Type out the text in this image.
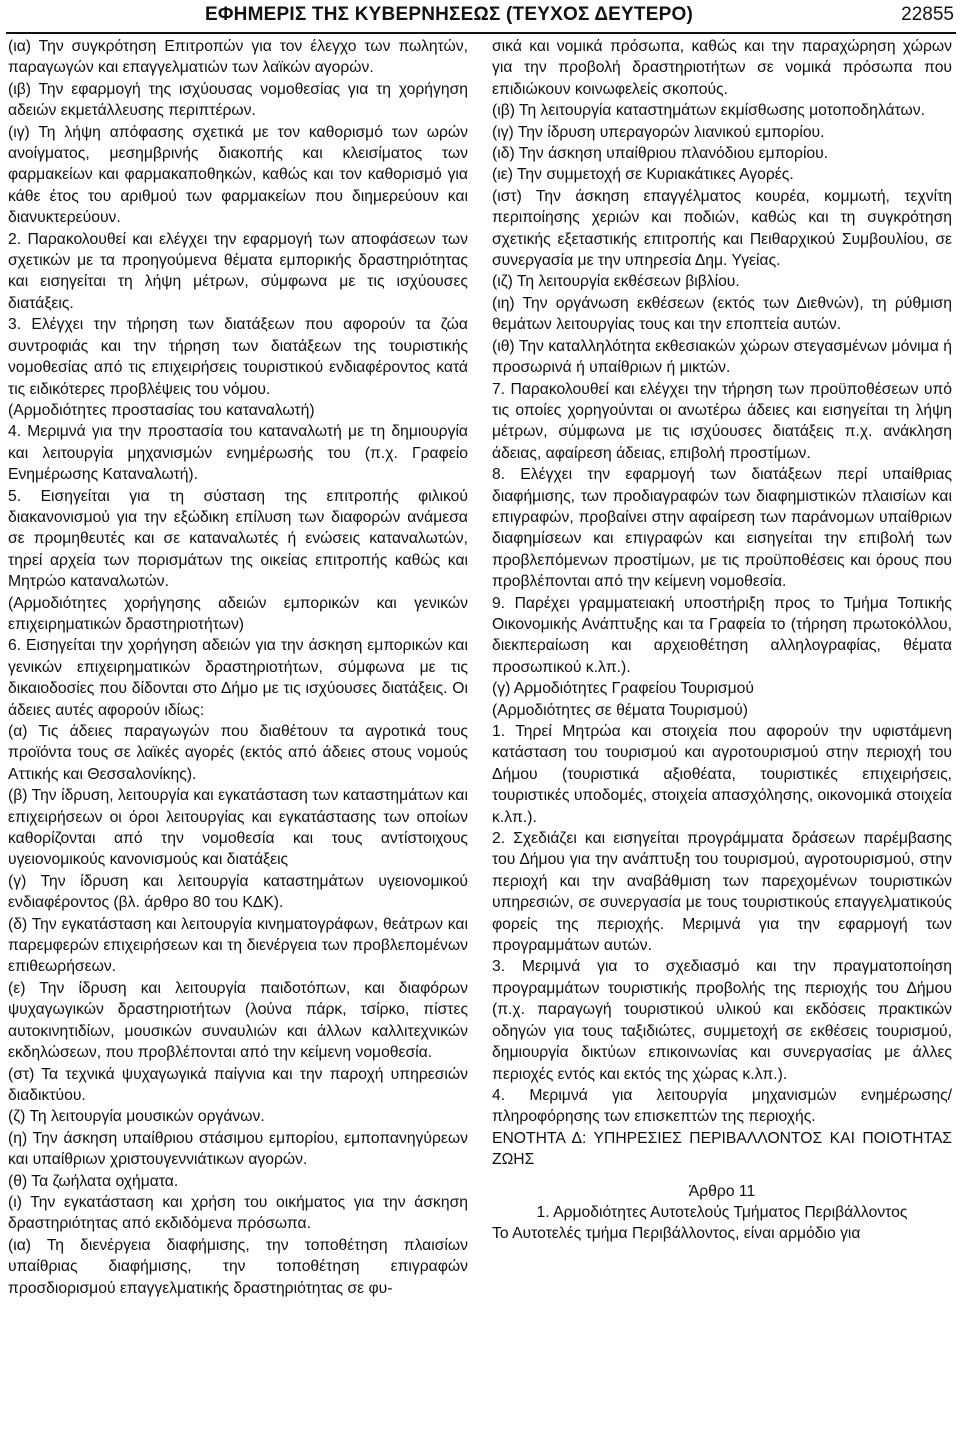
ΕΦΗΜΕΡΙΣ ΤΗΣ ΚΥΒΕΡΝΗΣΕΩΣ (ΤΕΥΧΟΣ ΔΕΥΤΕΡΟ)	22855

(ια) Την συγκρότηση Επιτροπών για τον έλεγχο των πωλητών, παραγωγών και επαγγελματιών των λαϊκών αγορών.

(ιβ) Την εφαρμογή της ισχύουσας νομοθεσίας για τη χορήγηση αδειών εκμετάλλευσης περιπτέρων.

(ιγ) Τη λήψη απόφασης σχετικά με τον καθορισμό των ωρών ανοίγματος, μεσημβρινής διακοπής και κλεισίματος των φαρμακείων και φαρμακαποθηκών, καθώς και τον καθορισμό για κάθε έτος του αριθμού των φαρμακείων που διημερεύουν και διανυκτερεύουν.

2. Παρακολουθεί και ελέγχει την εφαρμογή των αποφάσεων των σχετικών με τα προηγούμενα θέματα εμπορικής δραστηριότητας και εισηγείται τη λήψη μέτρων, σύμφωνα με τις ισχύουσες διατάξεις.

3. Ελέγχει την τήρηση των διατάξεων που αφορούν τα ζώα συντροφιάς και την τήρηση των διατάξεων της τουριστικής νομοθεσίας από τις επιχειρήσεις τουριστικού ενδιαφέροντος κατά τις ειδικότερες προβλέψεις του νόμου.

(Αρμοδιότητες προστασίας του καταναλωτή)

4. Μεριμνά για την προστασία του καταναλωτή με τη δημιουργία και λειτουργία μηχανισμών ενημέρωσής του (π.χ. Γραφείο Ενημέρωσης Καταναλωτή).

5. Εισηγείται για τη σύσταση της επιτροπής φιλικού διακανονισμού για την εξώδικη επίλυση των διαφορών ανάμεσα σε προμηθευτές και σε καταναλωτές ή ενώσεις καταναλωτών, τηρεί αρχεία των πορισμάτων της οικείας επιτροπής καθώς και Μητρώο καταναλωτών.

(Αρμοδιότητες χορήγησης αδειών εμπορικών και γενικών επιχειρηματικών δραστηριοτήτων)

6. Εισηγείται την χορήγηση αδειών για την άσκηση εμπορικών και γενικών επιχειρηματικών δραστηριοτήτων, σύμφωνα με τις δικαιοδοσίες που δίδονται στο Δήμο με τις ισχύουσες διατάξεις. Οι άδειες αυτές αφορούν ιδίως:

(α) Τις άδειες παραγωγών που διαθέτουν τα αγροτικά τους προϊόντα τους σε λαϊκές αγορές (εκτός από άδειες στους νομούς Αττικής και Θεσσαλονίκης).

(β) Την ίδρυση, λειτουργία και εγκατάσταση των καταστημάτων και επιχειρήσεων οι όροι λειτουργίας και εγκατάστασης των οποίων καθορίζονται από την νομοθεσία και τους αντίστοιχους υγειονομικούς κανονισμούς και διατάξεις

(γ) Την ίδρυση και λειτουργία καταστημάτων υγειονομικού ενδιαφέροντος (βλ. άρθρο 80 του ΚΔΚ).

(δ) Την εγκατάσταση και λειτουργία κινηματογράφων, θεάτρων και παρεμφερών επιχειρήσεων και τη διενέργεια των προβλεπομένων επιθεωρήσεων.

(ε) Την ίδρυση και λειτουργία παιδοτόπων, και διαφόρων ψυχαγωγικών δραστηριοτήτων (λούνα πάρκ, τσίρκο, πίστες αυτοκινητιδίων, μουσικών συναυλιών και άλλων καλλιτεχνικών εκδηλώσεων, που προβλέπονται από την κείμενη νομοθεσία.

(στ) Τα τεχνικά ψυχαγωγικά παίγνια και την παροχή υπηρεσιών διαδικτύου.

(ζ) Τη λειτουργία μουσικών οργάνων.

(η) Την άσκηση υπαίθριου στάσιμου εμπορίου, εμποπανηγύρεων και υπαίθριων χριστουγεννιάτικων αγορών.

(θ) Τα ζωήλατα οχήματα.

(ι) Την εγκατάσταση και χρήση του οικήματος για την άσκηση δραστηριότητας από εκδιδόμενα πρόσωπα.

(ια) Τη διενέργεια διαφήμισης, την τοποθέτηση πλαισίων υπαίθριας διαφήμισης, την τοποθέτηση επιγραφών προσδιορισμού επαγγελματικής δραστηριότητας σε φυ-

σικά και νομικά πρόσωπα, καθώς και την παραχώρηση χώρων για την προβολή δραστηριοτήτων σε νομικά πρόσωπα που επιδιώκουν κοινωφελείς σκοπούς.

(ιβ) Τη λειτουργία καταστημάτων εκμίσθωσης μοτοποδηλάτων.

(ιγ) Την ίδρυση υπεραγορών λιανικού εμπορίου.

(ιδ) Την άσκηση υπαίθριου πλανόδιου εμπορίου.

(ιε) Την συμμετοχή σε Κυριακάτικες Αγορές.

(ιστ) Την άσκηση επαγγέλματος κουρέα, κομμωτή, τεχνίτη περιποίησης χεριών και ποδιών, καθώς και τη συγκρότηση σχετικής εξεταστικής επιτροπής και Πειθαρχικού Συμβουλίου, σε συνεργασία με την υπηρεσία Δημ. Υγείας.

(ιζ) Τη λειτουργία εκθέσεων βιβλίου.

(ιη) Την οργάνωση εκθέσεων (εκτός των Διεθνών), τη ρύθμιση θεμάτων λειτουργίας τους και την εποπτεία αυτών.

(ιθ) Την καταλληλότητα εκθεσιακών χώρων στεγασμένων μόνιμα ή προσωρινά ή υπαίθριων ή μικτών.

7. Παρακολουθεί και ελέγχει την τήρηση των προϋποθέσεων υπό τις οποίες χορηγούνται οι ανωτέρω άδειες και εισηγείται τη λήψη μέτρων, σύμφωνα με τις ισχύουσες διατάξεις π.χ. ανάκληση άδειας, αφαίρεση άδειας, επιβολή προστίμων.

8. Ελέγχει την εφαρμογή των διατάξεων περί υπαίθριας διαφήμισης, των προδιαγραφών των διαφημιστικών πλαισίων και επιγραφών, προβαίνει στην αφαίρεση των παράνομων υπαίθριων διαφημίσεων και επιγραφών και εισηγείται την επιβολή των προβλεπόμενων προστίμων, με τις προϋποθέσεις και όρους που προβλέπονται από την κείμενη νομοθεσία.

9. Παρέχει γραμματειακή υποστήριξη προς το Τμήμα Τοπικής Οικονομικής Ανάπτυξης και τα Γραφεία το (τήρηση πρωτοκόλλου, διεκπεραίωση και αρχειοθέτηση αλληλογραφίας, θέματα προσωπικού κ.λπ.).

(γ) Αρμοδιότητες Γραφείου Τουρισμού

(Αρμοδιότητες σε θέματα Τουρισμού)

1. Τηρεί Μητρώα και στοιχεία που αφορούν την υφιστάμενη κατάσταση του τουρισμού και αγροτουρισμού στην περιοχή του Δήμου (τουριστικά αξιοθέατα, τουριστικές επιχειρήσεις, τουριστικές υποδομές, στοιχεία απασχόλησης, οικονομικά στοιχεία κ.λπ.).

2. Σχεδιάζει και εισηγείται προγράμματα δράσεων παρέμβασης του Δήμου για την ανάπτυξη του τουρισμού, αγροτουρισμού, στην περιοχή και την αναβάθμιση των παρεχομένων τουριστικών υπηρεσιών, σε συνεργασία με τους τουριστικούς επαγγελματικούς φορείς της περιοχής. Μεριμνά για την εφαρμογή των προγραμμάτων αυτών.

3. Μεριμνά για το σχεδιασμό και την πραγματοποίηση προγραμμάτων τουριστικής προβολής της περιοχής του Δήμου (π.χ. παραγωγή τουριστικού υλικού και εκδόσεις πρακτικών οδηγών για τους ταξιδιώτες, συμμετοχή σε εκθέσεις τουρισμού, δημιουργία δικτύων επικοινωνίας και συνεργασίας με άλλες περιοχές εντός και εκτός της χώρας κ.λπ.).

4. Μεριμνά για λειτουργία μηχανισμών ενημέρωσης/πληροφόρησης των επισκεπτών της περιοχής.

ΕΝΟΤΗΤΑ Δ: ΥΠΗΡΕΣΙΕΣ ΠΕΡΙΒΑΛΛΟΝΤΟΣ ΚΑΙ ΠΟΙΟΤΗΤΑΣ ΖΩΗΣ

Άρθρο 11

1. Αρμοδιότητες Αυτοτελούς Τμήματος Περιβάλλοντος

Το Αυτοτελές τμήμα Περιβάλλοντος, είναι αρμόδιο για
